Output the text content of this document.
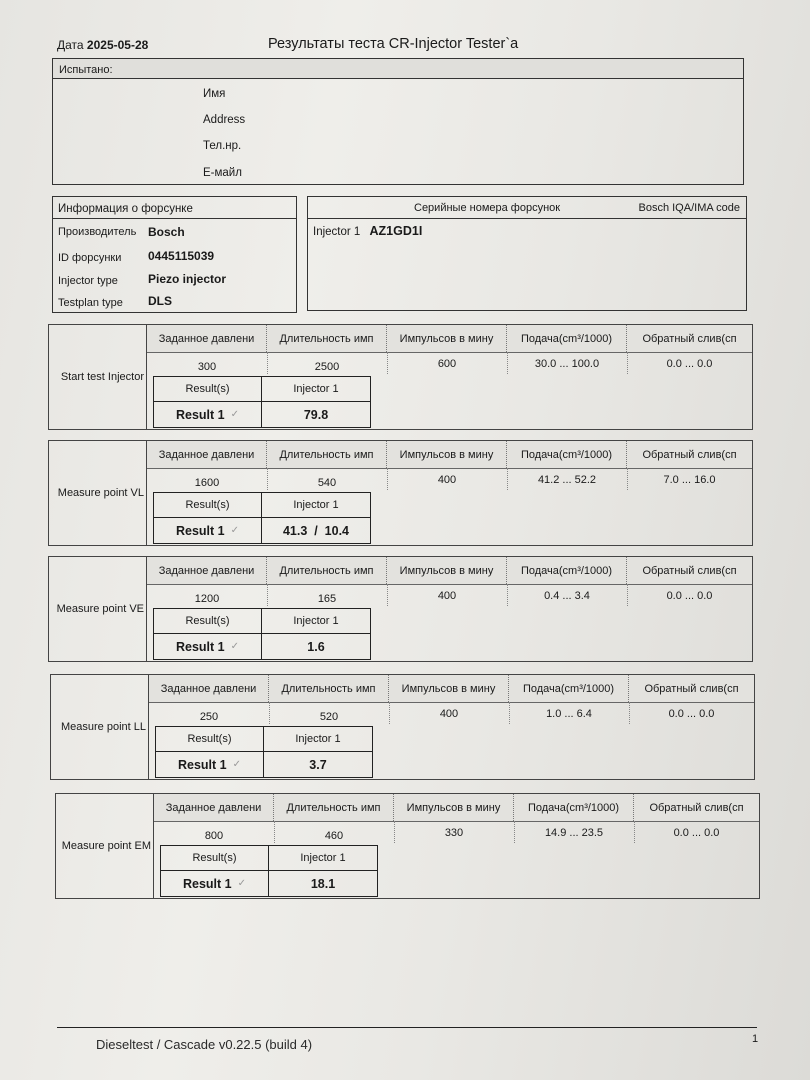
Дата 2025-05-28	Результаты теста CR-Injector Tester`a
Испытано:
Имя
Address
Тел.нр.
Е-майл
Информация о форсунке
Производитель Bosch
ID форсунки 0445115039
Injector type	Piezo injector
Testplan type DLS
Серийные номера форсунок	Bosch IQA/IMA code
Injector 1 AZ1GD1I
Start test Injector
Заданное давлени	Длительность имп	Импульсов в мину	Подача(cm³/1000)	Обратный слив(cп
300	2500	600	30.0 ... 100.0	0.0 ... 0.0
Result(s)	Injector 1
Result 1 ✓	79.8
Measure point VL
Заданное давлени	Длительность имп	Импульсов в мину	Подача(cm³/1000)	Обратный слив(cп
1600	540	400	41.2 ... 52.2	7.0 ... 16.0
Result(s)	Injector 1
Result 1 ✓	41.3  /  10.4
Measure point VE
Заданное давлени	Длительность имп	Импульсов в мину	Подача(cm³/1000)	Обратный слив(cп
1200	165	400	0.4 ... 3.4	0.0 ... 0.0
Result(s)	Injector 1
Result 1 ✓	1.6
Measure point LL
Заданное давлени	Длительность имп	Импульсов в мину	Подача(cm³/1000)	Обратный слив(cп
250	520	400	1.0 ... 6.4	0.0 ... 0.0
Result(s)	Injector 1
Result 1 ✓	3.7
Measure point EM
Заданное давлени	Длительность имп	Импульсов в мину	Подача(cm³/1000)	Обратный слив(cп
800	460	330	14.9 ... 23.5	0.0 ... 0.0
Result(s)	Injector 1
Result 1 ✓	18.1
Dieseltest / Cascade v0.22.5 (build 4)	1
